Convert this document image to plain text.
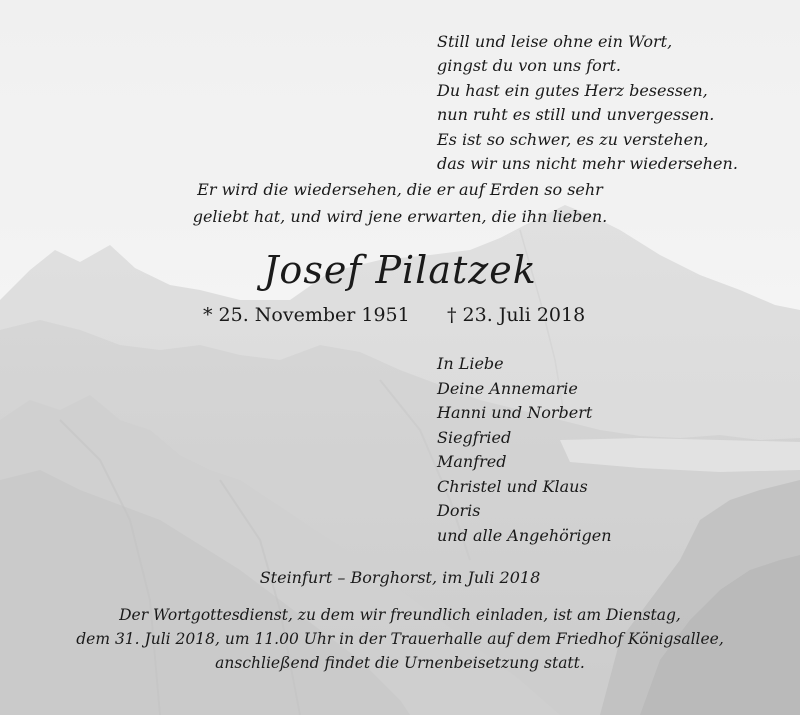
Still und leise ohne ein Wort,
gingst du von uns fort.
Du hast ein gutes Herz besessen,
nun ruht es still und unvergessen.
Es ist so schwer, es zu verstehen,
das wir uns nicht mehr wiedersehen.
Er wird die wiedersehen, die er auf Erden so sehr
geliebt hat, und wird jene erwarten, die ihn lieben.
Josef Pilatzek
* 25. November 1951 † 23. Juli 2018
In Liebe
Deine Annemarie
Hanni und Norbert
Siegfried
Manfred
Christel und Klaus
Doris
und alle Angehörigen
Steinfurt – Borghorst, im Juli 2018
Der Wortgottesdienst, zu dem wir freundlich einladen, ist am Dienstag,
dem 31. Juli 2018, um 11.00 Uhr in der Trauerhalle auf dem Friedhof Königsallee,
anschließend findet die Urnenbeisetzung statt.
